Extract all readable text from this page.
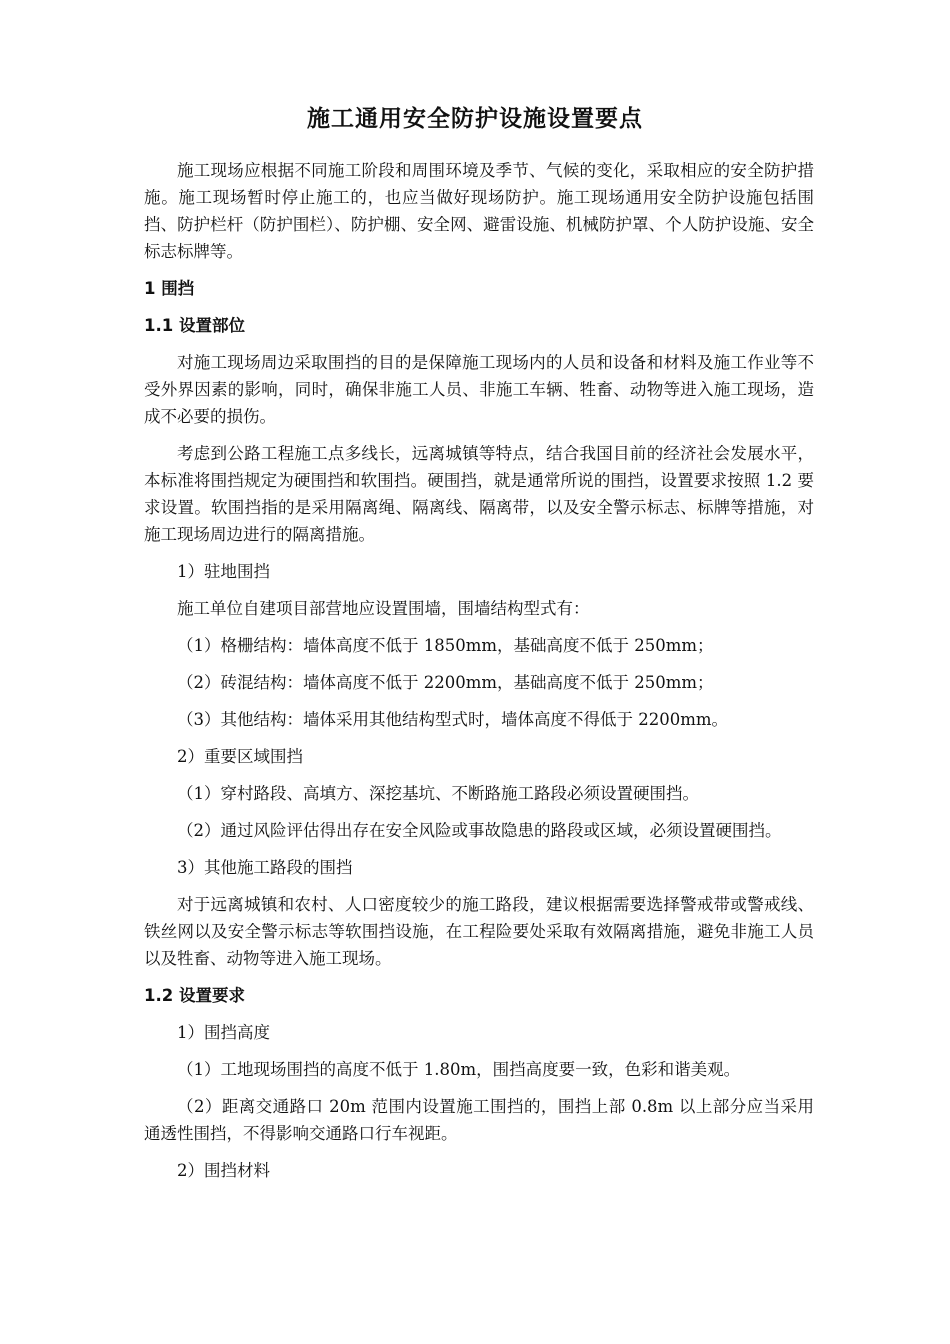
施工通用安全防护设施设置要点

施工现场应根据不同施工阶段和周围环境及季节、气候的变化，采取相应的安全防护措施。施工现场暂时停止施工的，也应当做好现场防护。施工现场通用安全防护设施包括围挡、防护栏杆（防护围栏）、防护棚、安全网、避雷设施、机械防护罩、个人防护设施、安全标志标牌等。

1 围挡
1.1 设置部位

对施工现场周边采取围挡的目的是保障施工现场内的人员和设备和材料及施工作业等不受外界因素的影响，同时，确保非施工人员、非施工车辆、牲畜、动物等进入施工现场，造成不必要的损伤。

考虑到公路工程施工点多线长，远离城镇等特点，结合我国目前的经济社会发展水平，本标准将围挡规定为硬围挡和软围挡。硬围挡，就是通常所说的围挡，设置要求按照 1.2 要求设置。软围挡指的是采用隔离绳、隔离线、隔离带，以及安全警示标志、标牌等措施，对施工现场周边进行的隔离措施。

1）驻地围挡

施工单位自建项目部营地应设置围墙，围墙结构型式有：

（1）格栅结构：墙体高度不低于 1850mm，基础高度不低于 250mm；

（2）砖混结构：墙体高度不低于 2200mm，基础高度不低于 250mm；

（3）其他结构：墙体采用其他结构型式时，墙体高度不得低于 2200mm。

2）重要区域围挡

（1）穿村路段、高填方、深挖基坑、不断路施工路段必须设置硬围挡。

（2）通过风险评估得出存在安全风险或事故隐患的路段或区域，必须设置硬围挡。

3）其他施工路段的围挡

对于远离城镇和农村、人口密度较少的施工路段，建议根据需要选择警戒带或警戒线、铁丝网以及安全警示标志等软围挡设施，在工程险要处采取有效隔离措施，避免非施工人员以及牲畜、动物等进入施工现场。

1.2 设置要求

1）围挡高度

（1）工地现场围挡的高度不低于 1.80m，围挡高度要一致，色彩和谐美观。

（2）距离交通路口 20m 范围内设置施工围挡的，围挡上部 0.8m 以上部分应当采用通透性围挡，不得影响交通路口行车视距。

2）围挡材料
